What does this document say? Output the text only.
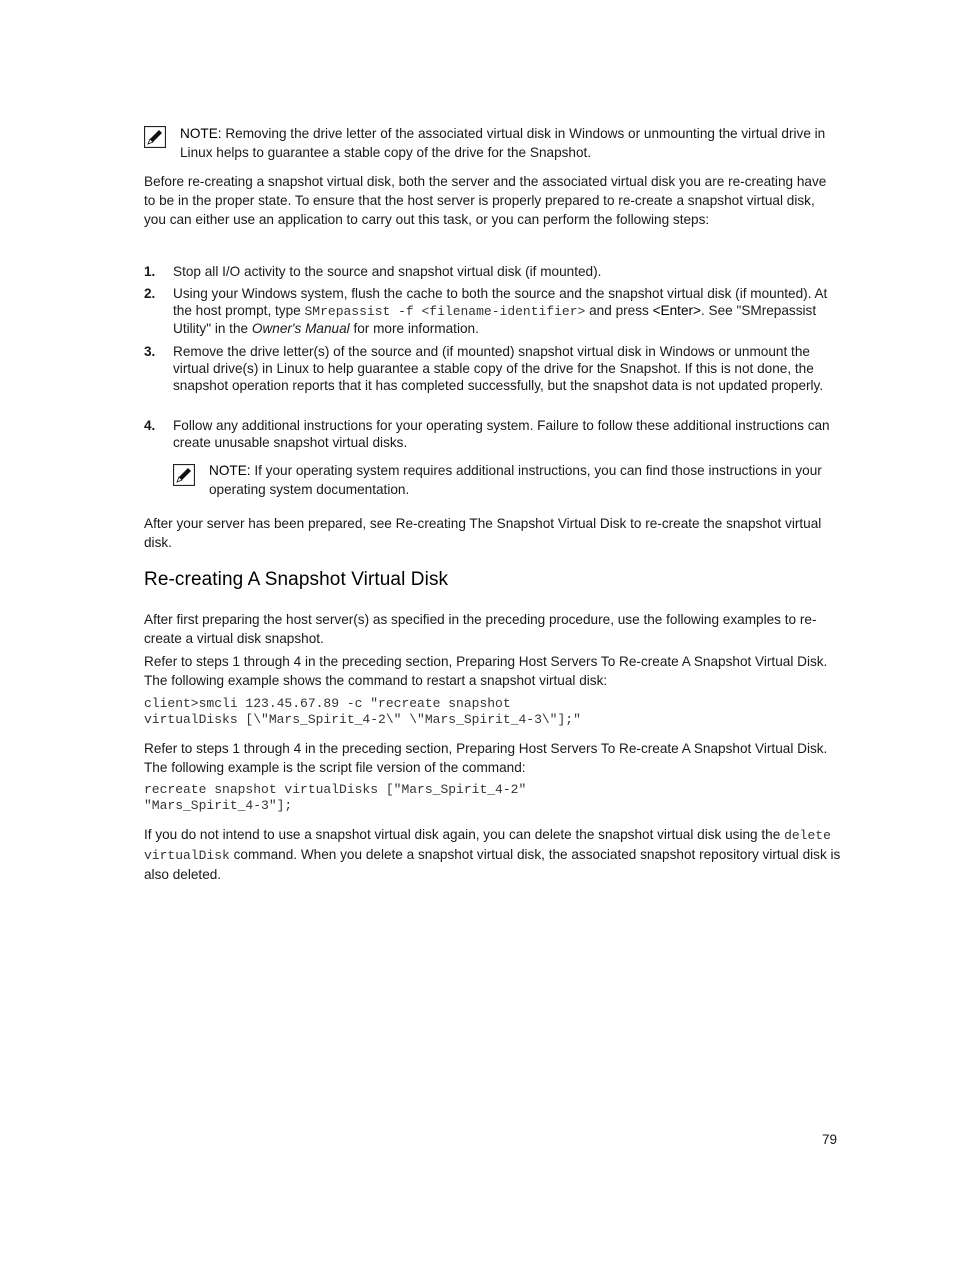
NOTE: Removing the drive letter of the associated virtual disk in Windows or unmounting the virtual drive in Linux helps to guarantee a stable copy of the drive for the Snapshot.

Before re-creating a snapshot virtual disk, both the server and the associated virtual disk you are re-creating have to be in the proper state. To ensure that the host server is properly prepared to re-create a snapshot virtual disk, you can either use an application to carry out this task, or you can perform the following steps:

1.	Stop all I/O activity to the source and snapshot virtual disk (if mounted).
2.	Using your Windows system, flush the cache to both the source and the snapshot virtual disk (if mounted). At the host prompt, type SMrepassist -f <filename-identifier> and press <Enter>. See "SMrepassist Utility" in the Owner's Manual for more information.
3.	Remove the drive letter(s) of the source and (if mounted) snapshot virtual disk in Windows or unmount the virtual drive(s) in Linux to help guarantee a stable copy of the drive for the Snapshot. If this is not done, the snapshot operation reports that it has completed successfully, but the snapshot data is not updated properly.
4.	Follow any additional instructions for your operating system. Failure to follow these additional instructions can create unusable snapshot virtual disks.
NOTE: If your operating system requires additional instructions, you can find those instructions in your operating system documentation.

After your server has been prepared, see Re-creating The Snapshot Virtual Disk to re-create the snapshot virtual disk.

Re-creating A Snapshot Virtual Disk

After first preparing the host server(s) as specified in the preceding procedure, use the following examples to re-create a virtual disk snapshot.

Refer to steps 1 through 4 in the preceding section, Preparing Host Servers To Re-create A Snapshot Virtual Disk. The following example shows the command to restart a snapshot virtual disk:

client>smcli 123.45.67.89 -c "recreate snapshot
virtualDisks [\"Mars_Spirit_4-2\" \"Mars_Spirit_4-3\"];"

Refer to steps 1 through 4 in the preceding section, Preparing Host Servers To Re-create A Snapshot Virtual Disk. The following example is the script file version of the command:

recreate snapshot virtualDisks ["Mars_Spirit_4-2"
"Mars_Spirit_4-3"];

If you do not intend to use a snapshot virtual disk again, you can delete the snapshot virtual disk using the delete virtualDisk command. When you delete a snapshot virtual disk, the associated snapshot repository virtual disk is also deleted.

79
